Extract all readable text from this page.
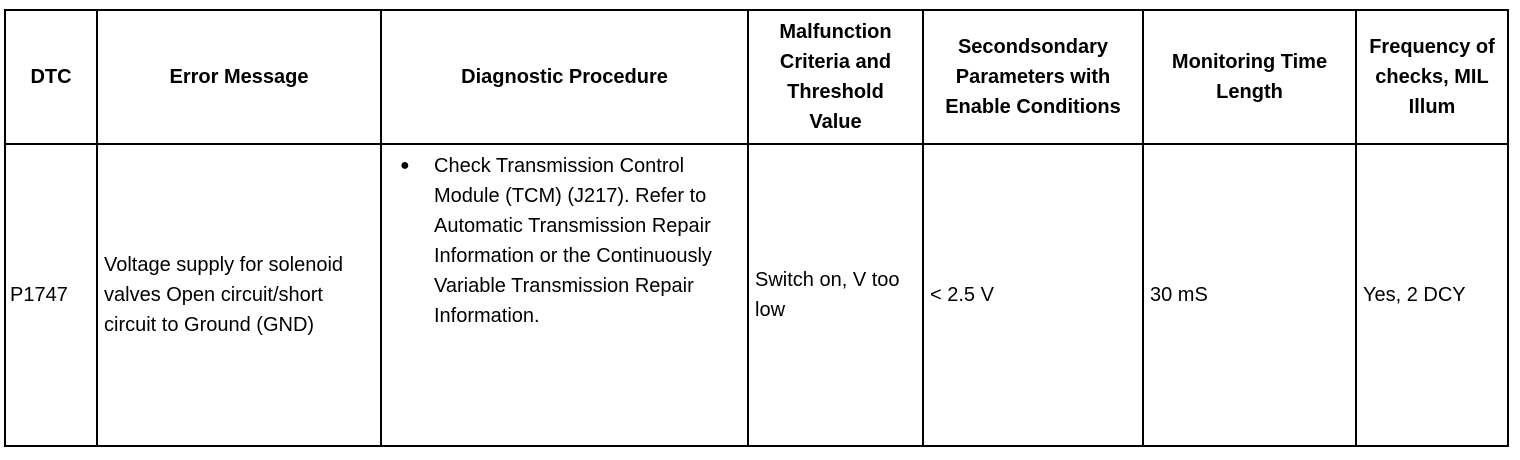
DTC	Error Message	Diagnostic Procedure	Malfunction Criteria and Threshold Value	Secondsondary Parameters with Enable Conditions	Monitoring Time Length	Frequency of checks, MIL Illum
P1747	Voltage supply for solenoid valves Open circuit/short circuit to Ground (GND)	● Check Transmission Control Module (TCM) (J217). Refer to Automatic Transmission Repair Information or the Continuously Variable Transmission Repair Information.	Switch on, V too low	< 2.5 V	30 mS	Yes, 2 DCY
